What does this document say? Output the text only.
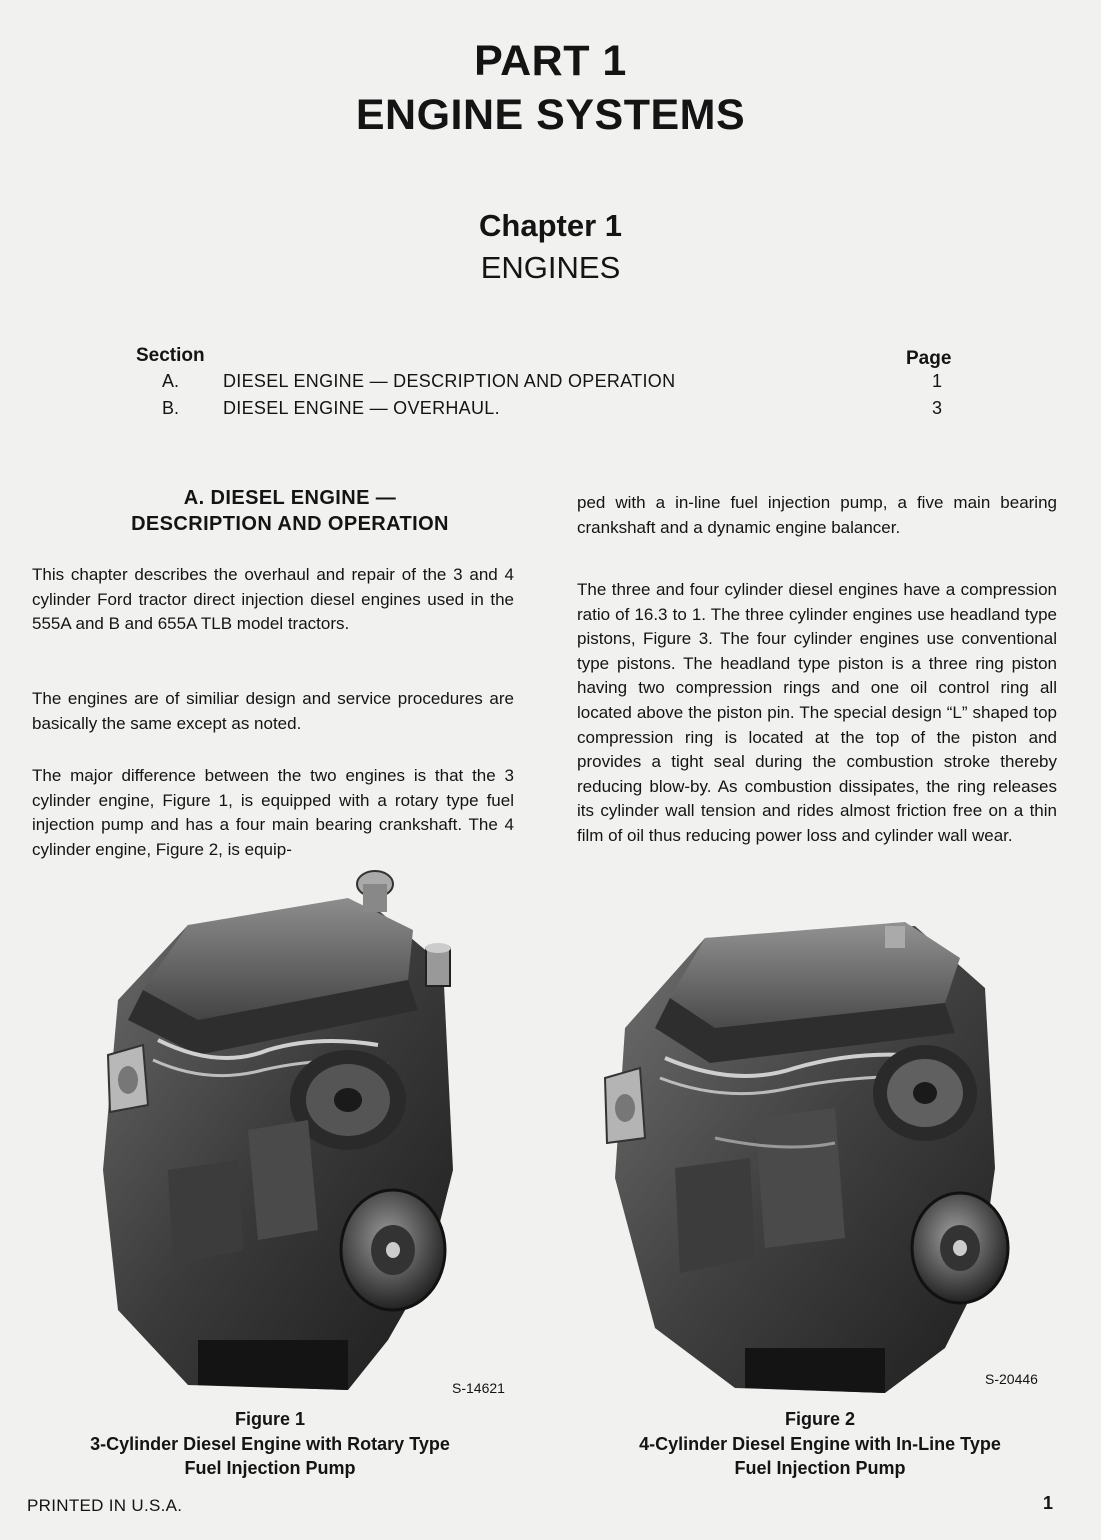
PART 1
ENGINE SYSTEMS
Chapter 1
ENGINES
Section	Page
A. DIESEL ENGINE — DESCRIPTION AND OPERATION	1
B. DIESEL ENGINE — OVERHAUL.	3
A. DIESEL ENGINE —
DESCRIPTION AND OPERATION

This chapter describes the overhaul and repair of the 3 and 4 cylinder Ford tractor direct injection diesel engines used in the 555A and B and 655A TLB model tractors.

The engines are of similiar design and service procedures are basically the same except as noted.

The major difference between the two engines is that the 3 cylinder engine, Figure 1, is equipped with a rotary type fuel injection pump and has a four main bearing crankshaft. The 4 cylinder engine, Figure 2, is equip-

ped with a in-line fuel injection pump, a five main bearing crankshaft and a dynamic engine balancer.

The three and four cylinder diesel engines have a compression ratio of 16.3 to 1. The three cylinder engines use headland type pistons, Figure 3. The four cylinder engines use conventional type pistons. The headland type piston is a three ring piston having two compression rings and one oil control ring all located above the piston pin. The special design “L” shaped top compression ring is located at the top of the piston and provides a tight seal during the combustion stroke thereby reducing blow-by. As combustion dissipates, the ring releases its cylinder wall tension and rides almost friction free on a thin film of oil thus reducing power loss and cylinder wall wear.

S-14621
S-20446
Figure 1
3-Cylinder Diesel Engine with Rotary Type
Fuel Injection Pump
Figure 2
4-Cylinder Diesel Engine with In-Line Type
Fuel Injection Pump
PRINTED IN U.S.A.	1
